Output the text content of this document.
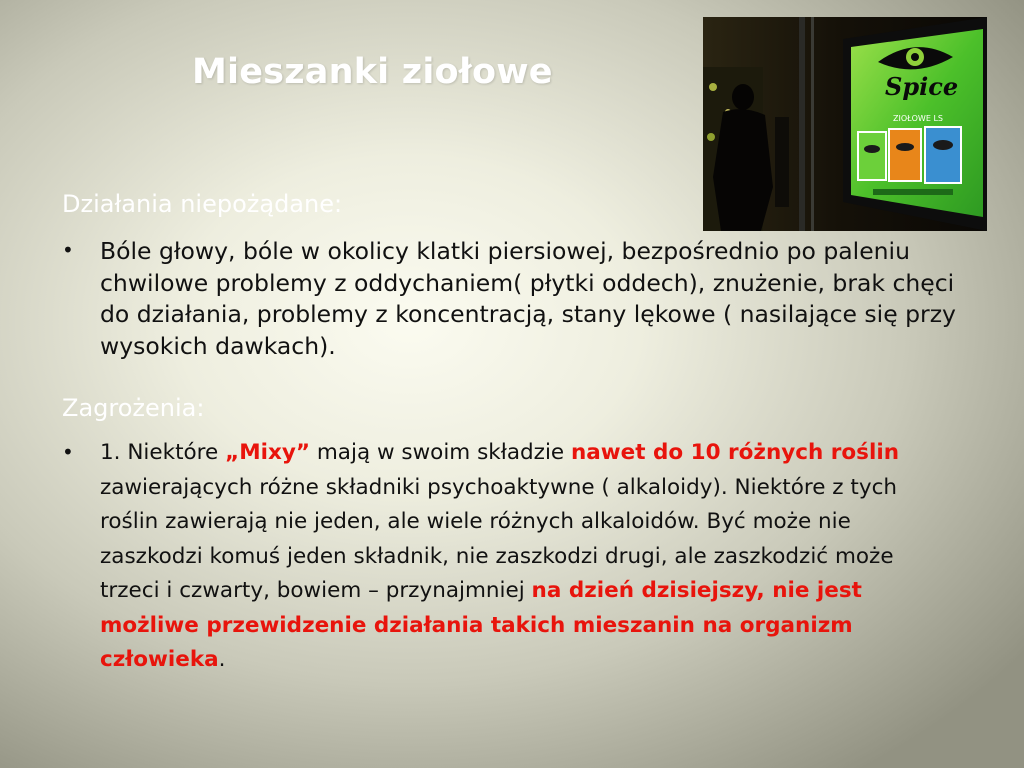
Mieszanki ziołowe	Spice
ZIOŁOWE LS
Działania niepożądane:
•	Bóle głowy, bóle w okolicy klatki piersiowej, bezpośrednio po paleniu chwilowe problemy z oddychaniem( płytki oddech), znużenie, brak chęci do działania, problemy z koncentracją, stany lękowe ( nasilające się przy wysokich dawkach).
Zagrożenia:
•	1. Niektóre „Mixy” mają w swoim składzie nawet do 10 różnych roślin zawierających różne składniki psychoaktywne ( alkaloidy). Niektóre z tych roślin zawierają nie jeden, ale wiele różnych alkaloidów. Być może nie zaszkodzi komuś jeden składnik, nie zaszkodzi drugi, ale zaszkodzić może trzeci i czwarty, bowiem – przynajmniej na dzień dzisiejszy, nie jest możliwe przewidzenie działania takich mieszanin na organizm człowieka.
